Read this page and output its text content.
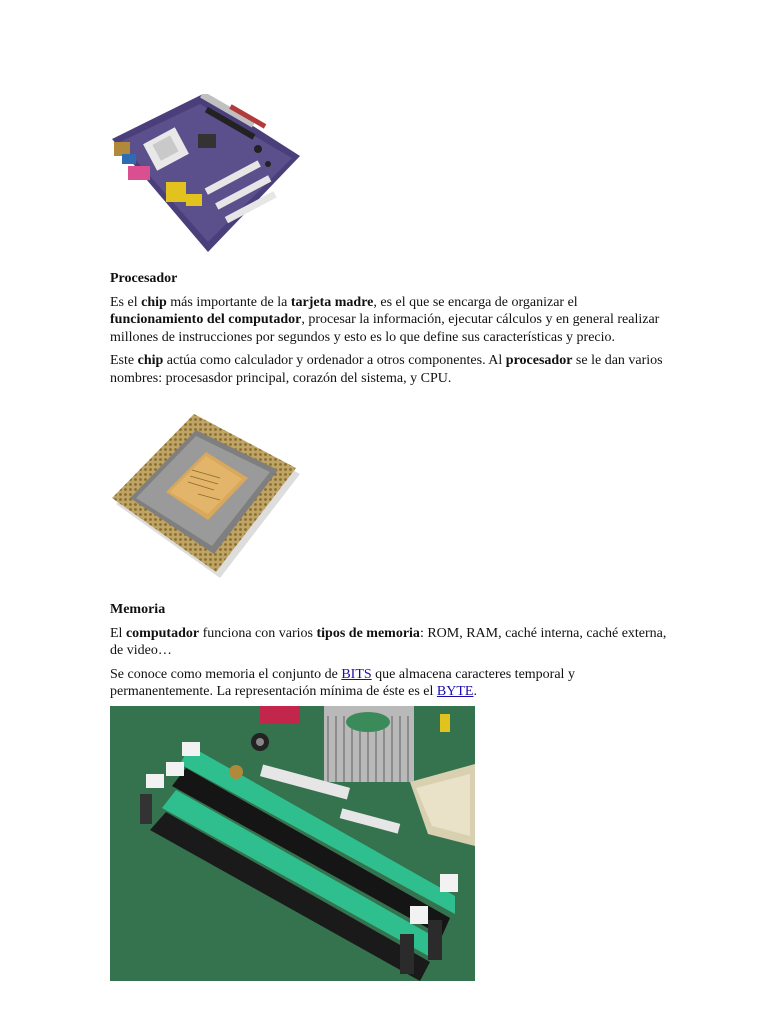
Procesador

Es el chip más importante de la tarjeta madre, es el que se encarga de organizar el funcionamiento del computador, procesar la información, ejecutar cálculos y en general realizar millones de instrucciones por segundos y esto es lo que define sus características y precio.

Este chip actúa como calculador y ordenador a otros componentes. Al procesador se le dan varios nombres: procesasdor principal, corazón del sistema, y CPU.

Memoria

El computador funciona con varios tipos de memoria: ROM, RAM, caché interna, caché externa, de video…

Se conoce como memoria el conjunto de BITS que almacena caracteres temporal y permanentemente. La representación mínima de éste es el BYTE.
